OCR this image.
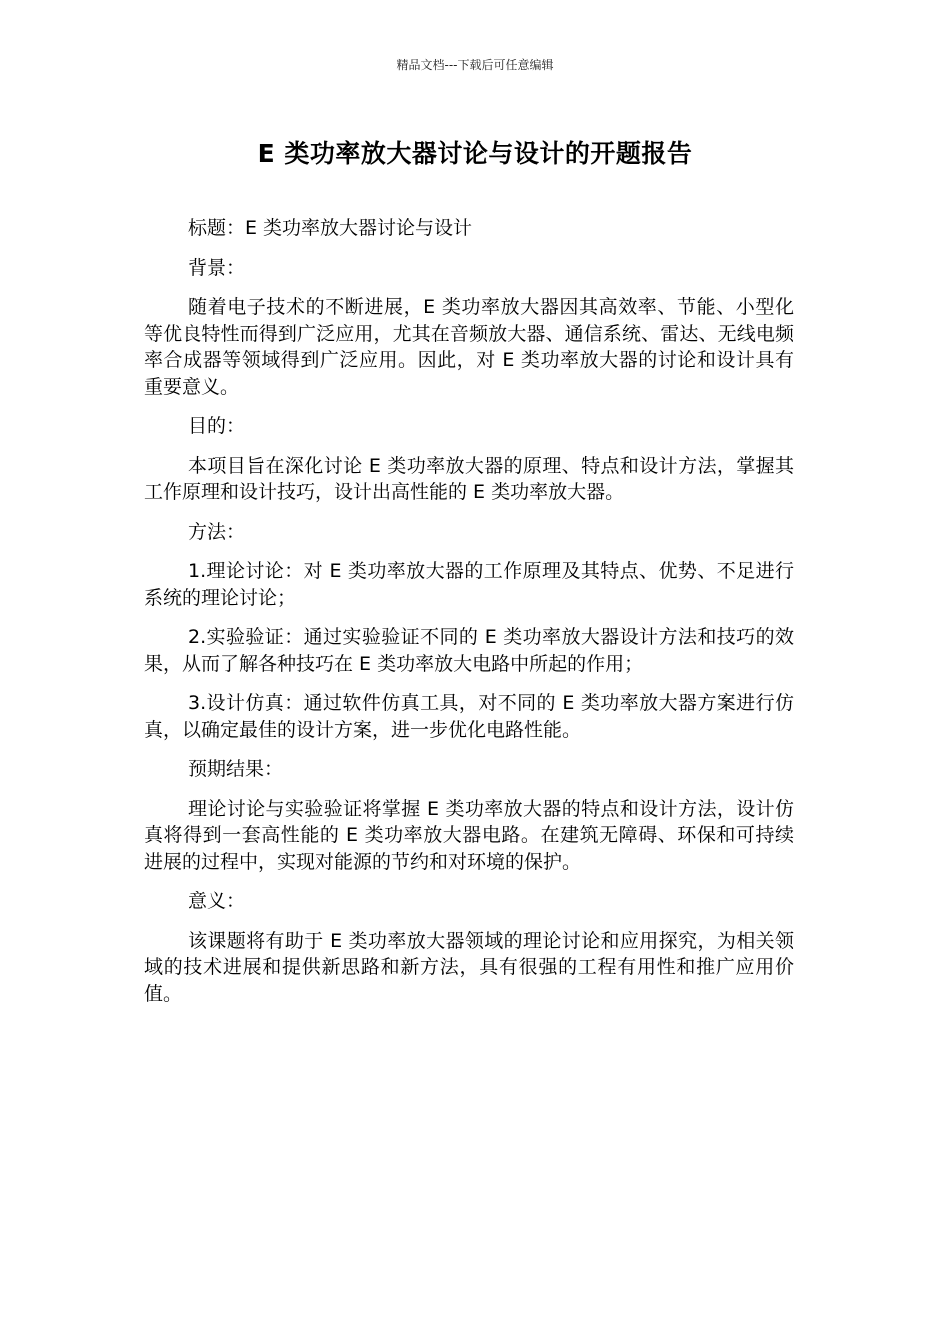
精品文档---下载后可任意编辑
E 类功率放大器讨论与设计的开题报告

标题：E 类功率放大器讨论与设计

背景：

随着电子技术的不断进展，E 类功率放大器因其高效率、节能、小型化等优良特性而得到广泛应用，尤其在音频放大器、通信系统、雷达、无线电频率合成器等领域得到广泛应用。因此，对 E 类功率放大器的讨论和设计具有重要意义。

目的：

本项目旨在深化讨论 E 类功率放大器的原理、特点和设计方法，掌握其工作原理和设计技巧，设计出高性能的 E 类功率放大器。

方法：

1.理论讨论：对 E 类功率放大器的工作原理及其特点、优势、不足进行系统的理论讨论；

2.实验验证：通过实验验证不同的 E 类功率放大器设计方法和技巧的效果，从而了解各种技巧在 E 类功率放大电路中所起的作用；

3.设计仿真：通过软件仿真工具，对不同的 E 类功率放大器方案进行仿真，以确定最佳的设计方案，进一步优化电路性能。

预期结果：

理论讨论与实验验证将掌握 E 类功率放大器的特点和设计方法，设计仿真将得到一套高性能的 E 类功率放大器电路。在建筑无障碍、环保和可持续进展的过程中，实现对能源的节约和对环境的保护。

意义：

该课题将有助于 E 类功率放大器领域的理论讨论和应用探究，为相关领域的技术进展和提供新思路和新方法，具有很强的工程有用性和推广应用价值。
